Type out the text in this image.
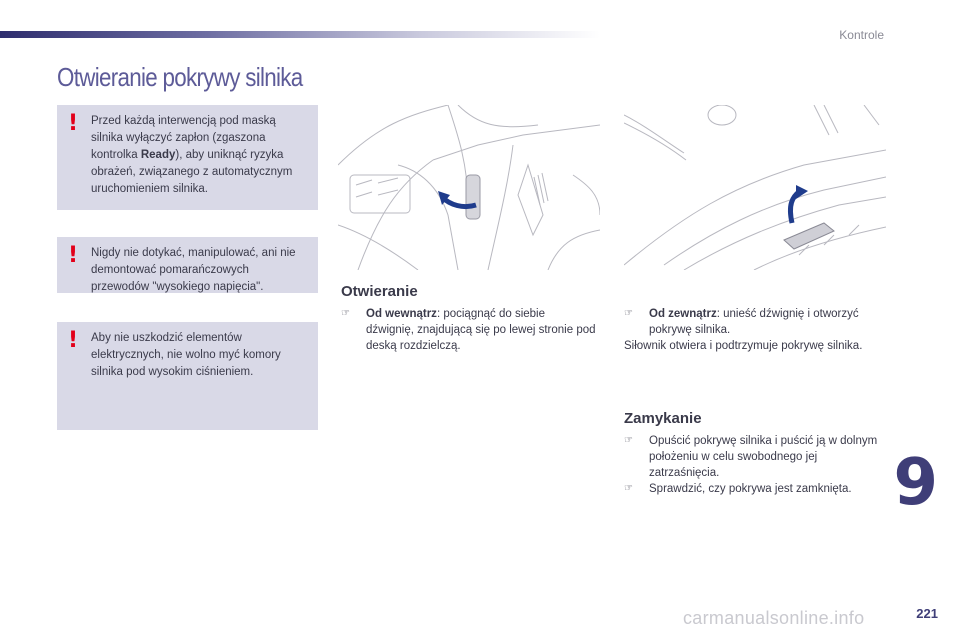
Kontrole
Otwieranie pokrywy silnika
! Przed każdą interwencją pod maską silnika wyłączyć zapłon (zgaszona kontrolka Ready), aby uniknąć ryzyka obrażeń, związanego z automatycznym uruchomieniem silnika.
! Nigdy nie dotykać, manipulować, ani nie demontować pomarańczowych przewodów "wysokiego napięcia".
! Aby nie uszkodzić elementów elektrycznych, nie wolno myć komory silnika pod wysokim ciśnieniem.
Otwieranie
☞	Od wewnątrz: pociągnąć do siebie dźwignię, znajdującą się po lewej stronie pod deską rozdzielczą.
☞	Od zewnątrz: unieść dźwignię i otworzyć pokrywę silnika.
Siłownik otwiera i podtrzymuje pokrywę silnika.
Zamykanie
☞	Opuścić pokrywę silnika i puścić ją w dolnym położeniu w celu swobodnego jej zatrzaśnięcia.
☞	Sprawdzić, czy pokrywa jest zamknięta. 9
221
carmanualsonline.info
